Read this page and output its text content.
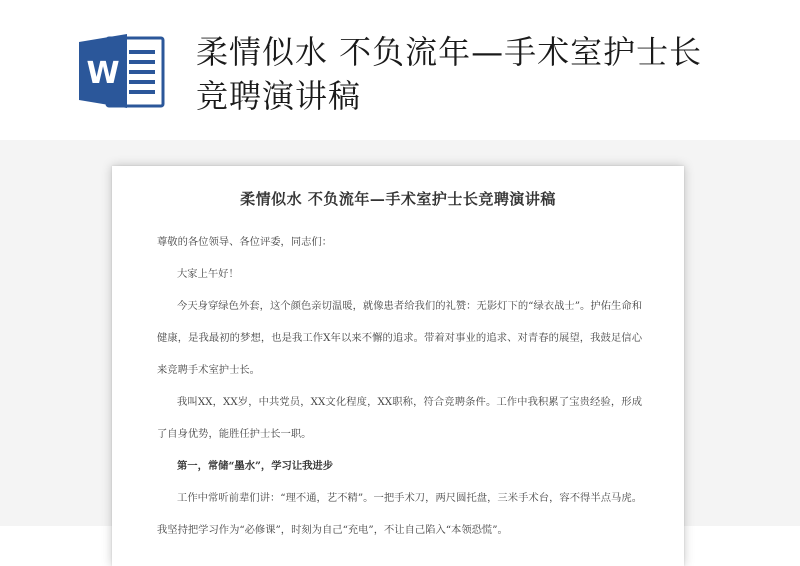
W
柔情似水 不负流年—手术室护士长竞聘演讲稿
柔情似水 不负流年—手术室护士长竞聘演讲稿

尊敬的各位领导、各位评委，同志们：

大家上午好！

今天身穿绿色外套，这个颜色亲切温暖，就像患者给我们的礼赞：无影灯下的“绿衣战士”。护佑生命和健康，是我最初的梦想，也是我工作X年以来不懈的追求。带着对事业的追求、对青春的展望，我鼓足信心来竞聘手术室护士长。

我叫XX，XX岁，中共党员，XX文化程度，XX职称，符合竞聘条件。工作中我积累了宝贵经验，形成了自身优势，能胜任护士长一职。

第一，常储“墨水”，学习让我进步

工作中常听前辈们讲：“理不通，艺不精”。一把手术刀，两尺圆托盘，三米手术台，容不得半点马虎。我坚持把学习作为“必修课”，时刻为自己“充电”，不让自己陷入“本领恐慌”。
